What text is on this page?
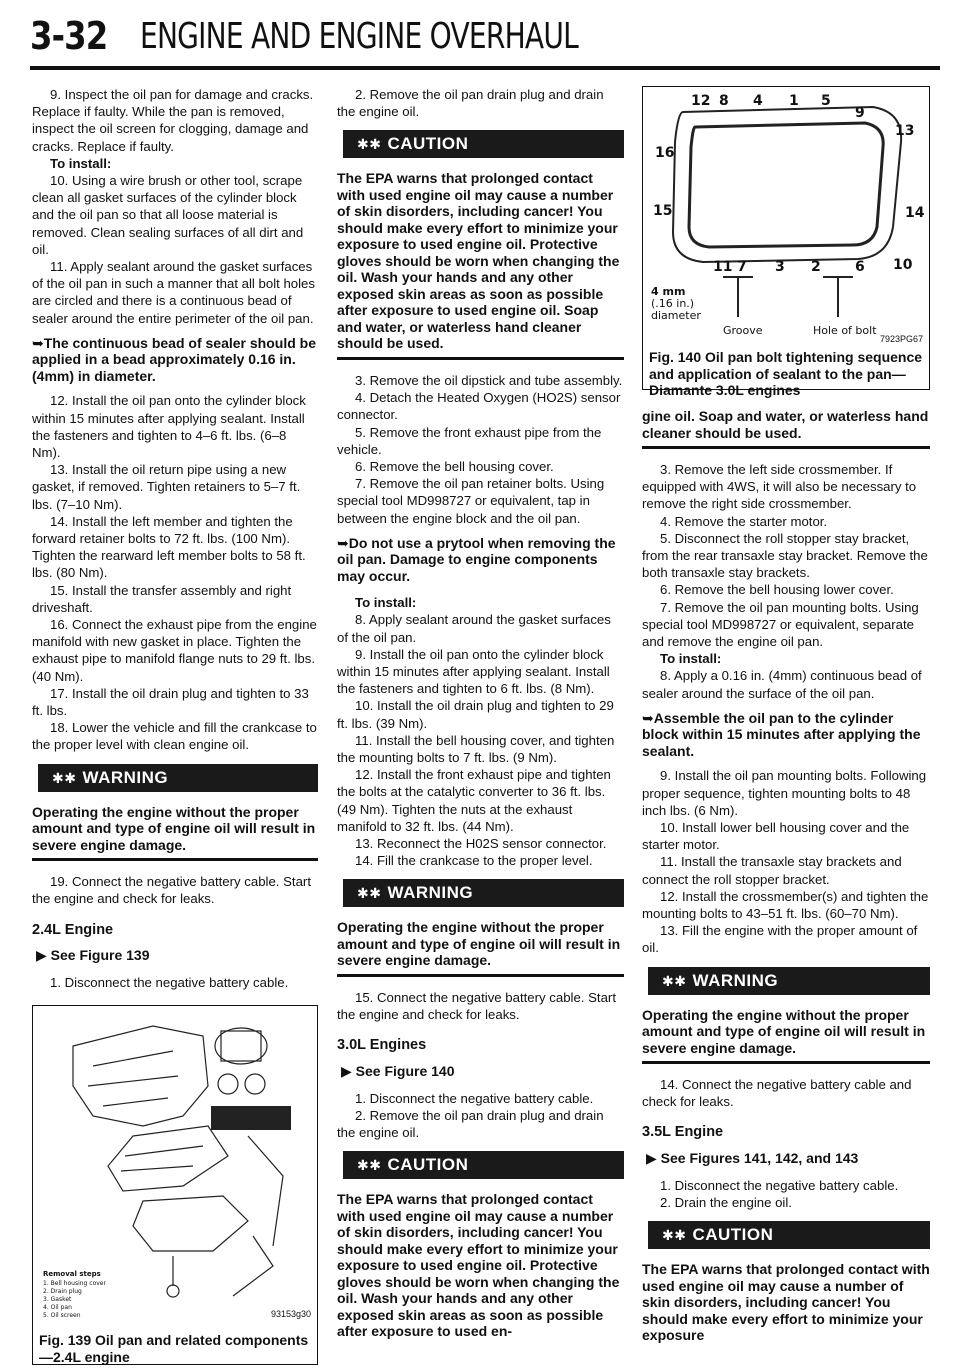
3-32 ENGINE AND ENGINE OVERHAUL

9. Inspect the oil pan for damage and cracks. Replace if faulty. While the pan is removed, inspect the oil screen for clogging, damage and cracks. Replace if faulty.

To install:

10. Using a wire brush or other tool, scrape clean all gasket surfaces of the cylinder block and the oil pan so that all loose material is removed. Clean sealing surfaces of all dirt and oil.

11. Apply sealant around the gasket surfaces of the oil pan in such a manner that all bolt holes are circled and there is a continuous bead of sealer around the entire perimeter of the oil pan.

➥The continuous bead of sealer should be applied in a bead approximately 0.16 in. (4mm) in diameter.

12. Install the oil pan onto the cylinder block within 15 minutes after applying sealant. Install the fasteners and tighten to 4–6 ft. lbs. (6–8 Nm).

13. Install the oil return pipe using a new gasket, if removed. Tighten retainers to 5–7 ft. lbs. (7–10 Nm).

14. Install the left member and tighten the forward retainer bolts to 72 ft. lbs. (100 Nm). Tighten the rearward left member bolts to 58 ft. lbs. (80 Nm).

15. Install the transfer assembly and right driveshaft.

16. Connect the exhaust pipe from the engine manifold with new gasket in place. Tighten the exhaust pipe to manifold flange nuts to 29 ft. lbs. (40 Nm).

17. Install the oil drain plug and tighten to 33 ft. lbs.

18. Lower the vehicle and fill the crankcase to the proper level with clean engine oil.

✱✱ WARNING

Operating the engine without the proper amount and type of engine oil will result in severe engine damage.

19. Connect the negative battery cable. Start the engine and check for leaks.

2.4L Engine

▶ See Figure 139

1. Disconnect the negative battery cable.

Removal steps
1. Bell housing cover
2. Drain plug
3. Gasket
4. Oil pan
5. Oil screen	93153g30
Fig. 139 Oil pan and related components—2.4L engine

2. Remove the oil pan drain plug and drain the engine oil.

✱✱ CAUTION

The EPA warns that prolonged contact with used engine oil may cause a number of skin disorders, including cancer! You should make every effort to minimize your exposure to used engine oil. Protective gloves should be worn when changing the oil. Wash your hands and any other exposed skin areas as soon as possible after exposure to used engine oil. Soap and water, or waterless hand cleaner should be used.

3. Remove the oil dipstick and tube assembly.

4. Detach the Heated Oxygen (HO2S) sensor connector.

5. Remove the front exhaust pipe from the vehicle.

6. Remove the bell housing cover.

7. Remove the oil pan retainer bolts. Using special tool MD998727 or equivalent, tap in between the engine block and the oil pan.

➥Do not use a prytool when removing the oil pan. Damage to engine components may occur.

To install:

8. Apply sealant around the gasket surfaces of the oil pan.

9. Install the oil pan onto the cylinder block within 15 minutes after applying sealant. Install the fasteners and tighten to 6 ft. lbs. (8 Nm).

10. Install the oil drain plug and tighten to 29 ft. lbs. (39 Nm).

11. Install the bell housing cover, and tighten the mounting bolts to 7 ft. lbs. (9 Nm).

12. Install the front exhaust pipe and tighten the bolts at the catalytic converter to 36 ft. lbs. (49 Nm). Tighten the nuts at the exhaust manifold to 32 ft. lbs. (44 Nm).

13. Reconnect the H02S sensor connector.

14. Fill the crankcase to the proper level.

✱✱ WARNING

Operating the engine without the proper amount and type of engine oil will result in severe engine damage.

15. Connect the negative battery cable. Start the engine and check for leaks.

3.0L Engines

▶ See Figure 140

1. Disconnect the negative battery cable.

2. Remove the oil pan drain plug and drain the engine oil.

✱✱ CAUTION

The EPA warns that prolonged contact with used engine oil may cause a number of skin disorders, including cancer! You should make every effort to minimize your exposure to used engine oil. Protective gloves should be worn when changing the oil. Wash your hands and any other exposed skin areas as soon as possible after exposure to used en-

12 8 4 1 5
9
13
16
15	14
11 7 3 2 6 10
4 mm
(.16 in.)
diameter
Groove	Hole of bolt
7923PG67
Fig. 140 Oil pan bolt tightening sequence and application of sealant to the pan—Diamante 3.0L engines

gine oil. Soap and water, or waterless hand cleaner should be used.

3. Remove the left side crossmember. If equipped with 4WS, it will also be necessary to remove the right side crossmember.

4. Remove the starter motor.

5. Disconnect the roll stopper stay bracket, from the rear transaxle stay bracket. Remove the both transaxle stay brackets.

6. Remove the bell housing lower cover.

7. Remove the oil pan mounting bolts. Using special tool MD998727 or equivalent, separate and remove the engine oil pan.

To install:

8. Apply a 0.16 in. (4mm) continuous bead of sealer around the surface of the oil pan.

➥Assemble the oil pan to the cylinder block within 15 minutes after applying the sealant.

9. Install the oil pan mounting bolts. Following proper sequence, tighten mounting bolts to 48 inch lbs. (6 Nm).

10. Install lower bell housing cover and the starter motor.

11. Install the transaxle stay brackets and connect the roll stopper bracket.

12. Install the crossmember(s) and tighten the mounting bolts to 43–51 ft. lbs. (60–70 Nm).

13. Fill the engine with the proper amount of oil.

✱✱ WARNING

Operating the engine without the proper amount and type of engine oil will result in severe engine damage.

14. Connect the negative battery cable and check for leaks.

3.5L Engine

▶ See Figures 141, 142, and 143

1. Disconnect the negative battery cable.

2. Drain the engine oil.

✱✱ CAUTION

The EPA warns that prolonged contact with used engine oil may cause a number of skin disorders, including cancer! You should make every effort to minimize your exposure
